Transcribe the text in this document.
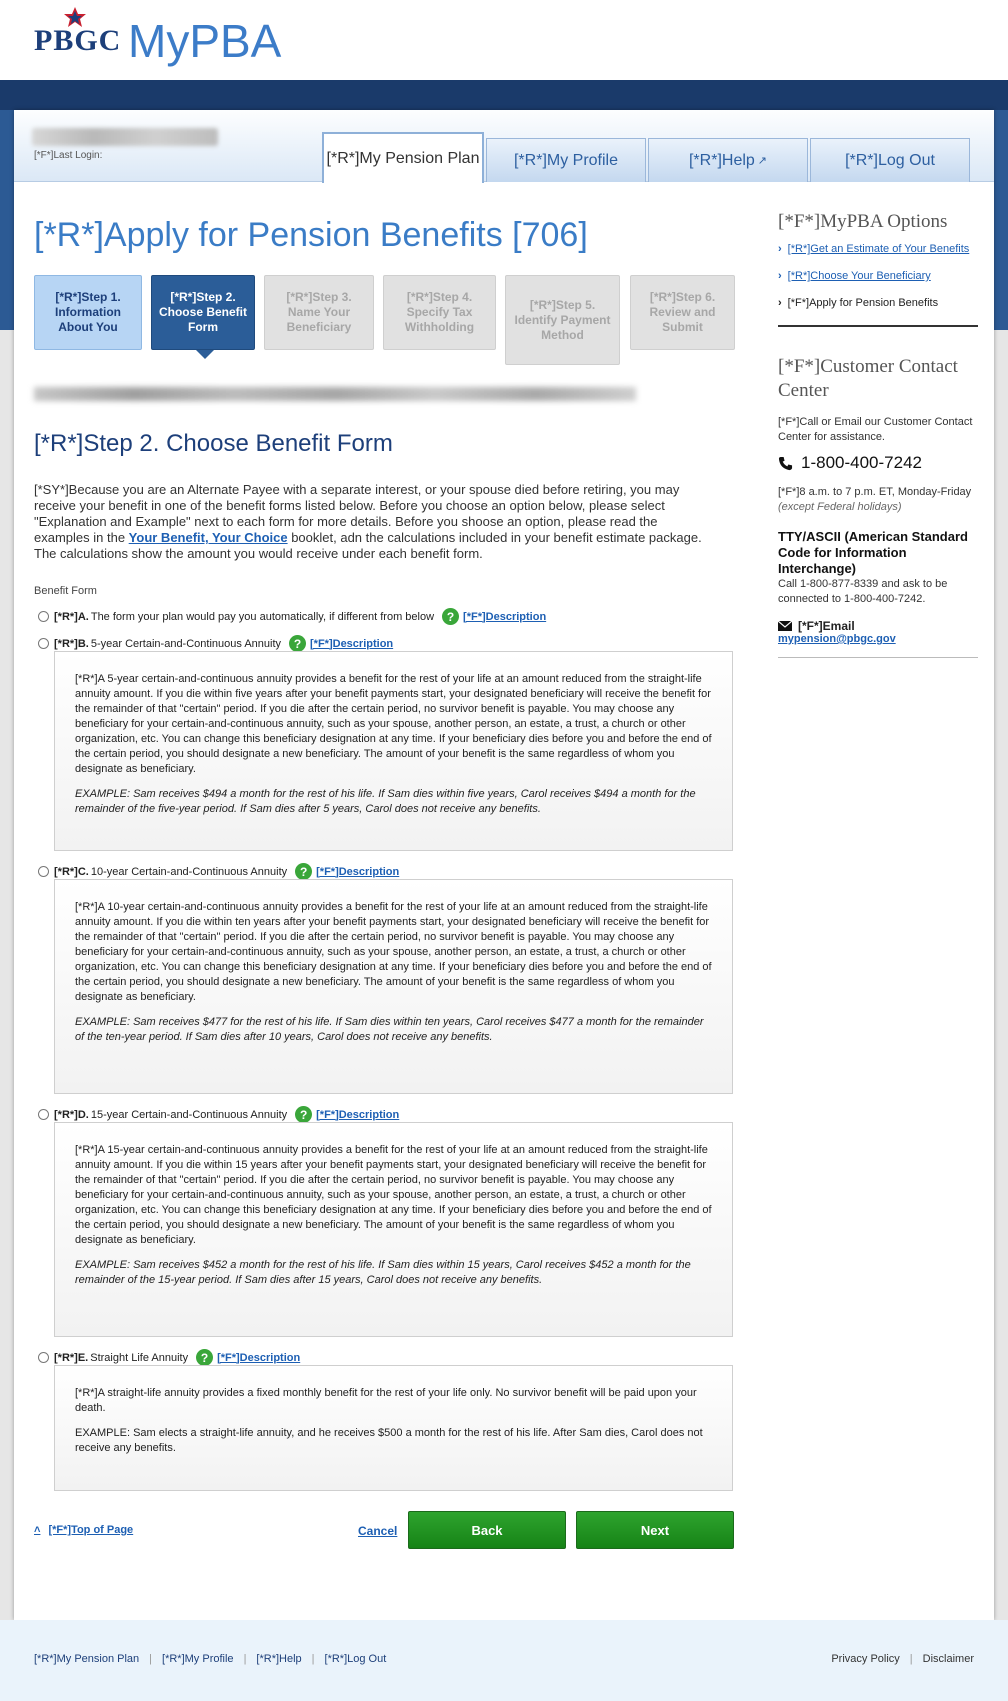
PBGC MyPBA
[*F*]Last Login:	[*R*]My Pension Plan [*R*]My Profile	[*R*]Help ↗	[*R*]Log Out
[*R*]Apply for Pension Benefits [706]
[*R*]Step 1. Information About You
[*R*]Step 2. Choose Benefit Form
[*R*]Step 3. Name Your Beneficiary
[*R*]Step 4. Specify Tax Withholding
[*R*]Step 5. Identify Payment Method
[*R*]Step 6. Review and Submit
[*R*]Step 2. Choose Benefit Form
[*SY*]Because you are an Alternate Payee with a separate interest, or your spouse died before retiring, you may receive your benefit in one of the benefit forms listed below. Before you choose an option below, please select "Explanation and Example" next to each form for more details. Before you shoose an option, please read the examples in the Your Benefit, Your Choice booklet, adn the calculations included in your benefit estimate package. The calculations show the amount you would receive under each benefit form.
Benefit Form
[*R*]A. The form your plan would pay you automatically, if different from below	? [*F*]Description
[*R*]B. 5-year Certain-and-Continuous Annuity	? [*F*]Description

[*R*]A 5-year certain-and-continuous annuity provides a benefit for the rest of your life at an amount reduced from the straight-life annuity amount. If you die within five years after your benefit payments start, your designated beneficiary will receive the benefit for the remainder of that "certain" period. If you die after the certain period, no survivor benefit is payable. You may choose any beneficiary for your certain-and-continuous annuity, such as your spouse, another person, an estate, a trust, a church or other organization, etc. You can change this beneficiary designation at any time. If your beneficiary dies before you and before the end of the certain period, you should designate a new beneficiary. The amount of your benefit is the same regardless of whom you designate as beneficiary.

EXAMPLE: Sam receives $494 a month for the rest of his life. If Sam dies within five years, Carol receives $494 a month for the remainder of the five-year period. If Sam dies after 5 years, Carol does not receive any benefits.

[*R*]C. 10-year Certain-and-Continuous Annuity	? [*F*]Description

[*R*]A 10-year certain-and-continuous annuity provides a benefit for the rest of your life at an amount reduced from the straight-life annuity amount. If you die within ten years after your benefit payments start, your designated beneficiary will receive the benefit for the remainder of that "certain" period. If you die after the certain period, no survivor benefit is payable. You may choose any beneficiary for your certain-and-continuous annuity, such as your spouse, another person, an estate, a trust, a church or other organization, etc. You can change this beneficiary designation at any time. If your beneficiary dies before you and before the end of the certain period, you should designate a new beneficiary. The amount of your benefit is the same regardless of whom you designate as beneficiary.

EXAMPLE: Sam receives $477 for the rest of his life. If Sam dies within ten years, Carol receives $477 a month for the remainder of the ten-year period. If Sam dies after 10 years, Carol does not receive any benefits.

[*R*]D. 15-year Certain-and-Continuous Annuity	? [*F*]Description

[*R*]A 15-year certain-and-continuous annuity provides a benefit for the rest of your life at an amount reduced from the straight-life annuity amount. If you die within 15 years after your benefit payments start, your designated beneficiary will receive the benefit for the remainder of that "certain" period. If you die after the certain period, no survivor benefit is payable. You may choose any beneficiary for your certain-and-continuous annuity, such as your spouse, another person, an estate, a trust, a church or other organization, etc. You can change this beneficiary designation at any time. If your beneficiary dies before you and before the end of the certain period, you should designate a new beneficiary. The amount of your benefit is the same regardless of whom you designate as beneficiary.

EXAMPLE: Sam receives $452 a month for the rest of his life. If Sam dies within 15 years, Carol receives $452 a month for the remainder of the 15-year period. If Sam dies after 15 years, Carol does not receive any benefits.

[*R*]E. Straight Life Annuity	? [*F*]Description

[*R*]A straight-life annuity provides a fixed monthly benefit for the rest of your life only. No survivor benefit will be paid upon your death.

EXAMPLE: Sam elects a straight-life annuity, and he receives $500 a month for the rest of his life. After Sam dies, Carol does not receive any benefits.

˄ [*F*]Top of Page	Cancel	Back	Next
[*F*]MyPBA Options
› [*R*]Get an Estimate of Your Benefits
› [*R*]Choose Your Beneficiary
› [*F*]Apply for Pension Benefits
[*F*]Customer Contact Center
[*F*]Call or Email our Customer Contact Center for assistance.
1-800-400-7242
[*F*]8 a.m. to 7 p.m. ET, Monday-Friday
(except Federal holidays)
TTY/ASCII (American Standard Code for Information Interchange)
Call 1-800-877-8339 and ask to be connected to 1-800-400-7242.
[*F*]Email
mypension@pbgc.gov
[*R*]My Pension Plan | [*R*]My Profile | [*R*]Help | [*R*]Log Out	Privacy Policy | Disclaimer
